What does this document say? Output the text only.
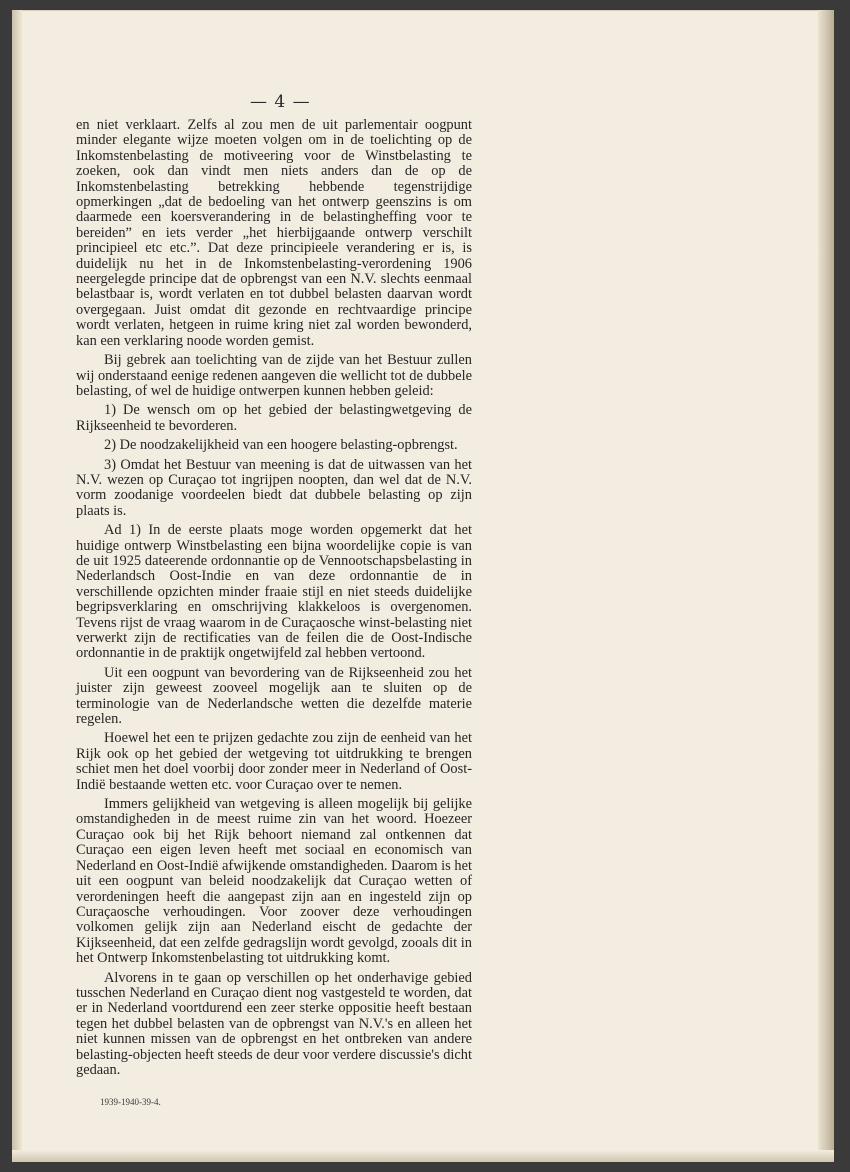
— 4 —

en niet verklaart. Zelfs al zou men de uit parlementair oogpunt minder elegante wijze moeten volgen om in de toelichting op de Inkomstenbelasting de motiveering voor de Winstbelasting te zoeken, ook dan vindt men niets anders dan de op de Inkomstenbelasting betrekking hebbende tegenstrijdige opmerkingen „dat de bedoeling van het ontwerp geenszins is om daarmede een koersverandering in de belastingheffing voor te bereiden” en iets verder „het hierbijgaande ontwerp verschilt principieel etc etc.”. Dat deze principieele verandering er is, is duidelijk nu het in de Inkomstenbelasting-verordening 1906 neergelegde principe dat de opbrengst van een N.V. slechts eenmaal belastbaar is, wordt verlaten en tot dubbel belasten daarvan wordt overgegaan. Juist omdat dit gezonde en rechtvaardige principe wordt verlaten, hetgeen in ruime kring niet zal worden bewonderd, kan een verklaring noode worden gemist.

Bij gebrek aan toelichting van de zijde van het Bestuur zullen wij onderstaand eenige redenen aangeven die wellicht tot de dubbele belasting, of wel de huidige ontwerpen kunnen hebben geleid:

1) De wensch om op het gebied der belastingwetgeving de Rijkseenheid te bevorderen.

2) De noodzakelijkheid van een hoogere belasting-opbrengst.

3) Omdat het Bestuur van meening is dat de uitwassen van het N.V. wezen op Curaçao tot ingrijpen noopten, dan wel dat de N.V. vorm zoodanige voordeelen biedt dat dubbele belasting op zijn plaats is.

Ad 1) In de eerste plaats moge worden opgemerkt dat het huidige ontwerp Winstbelasting een bijna woordelijke copie is van de uit 1925 dateerende ordonnantie op de Vennootschapsbelasting in Nederlandsch Oost-Indie en van deze ordonnantie de in verschillende opzichten minder fraaie stijl en niet steeds duidelijke begripsverklaring en omschrijving klakkeloos is overgenomen. Tevens rijst de vraag waarom in de Curaçaosche winst-belasting niet verwerkt zijn de rectificaties van de feilen die de Oost-Indische ordonnantie in de praktijk ongetwijfeld zal hebben vertoond.

Uit een oogpunt van bevordering van de Rijkseenheid zou het juister zijn geweest zooveel mogelijk aan te sluiten op de terminologie van de Nederlandsche wetten die dezelfde materie regelen.

Hoewel het een te prijzen gedachte zou zijn de eenheid van het Rijk ook op het gebied der wetgeving tot uitdrukking te brengen schiet men het doel voorbij door zonder meer in Nederland of Oost-Indië bestaande wetten etc. voor Curaçao over te nemen.

Immers gelijkheid van wetgeving is alleen mogelijk bij gelijke omstandigheden in de meest ruime zin van het woord. Hoezeer Curaçao ook bij het Rijk behoort niemand zal ontkennen dat Curaçao een eigen leven heeft met sociaal en economisch van Nederland en Oost-Indië afwijkende omstandigheden. Daarom is het uit een oogpunt van beleid noodzakelijk dat Curaçao wetten of verordeningen heeft die aangepast zijn aan en ingesteld zijn op Curaçaosche verhoudingen. Voor zoover deze verhoudingen volkomen gelijk zijn aan Nederland eischt de gedachte der Kijkseenheid, dat een zelfde gedragslijn wordt gevolgd, zooals dit in het Ontwerp Inkomstenbelasting tot uitdrukking komt.

Alvorens in te gaan op verschillen op het onderhavige gebied tusschen Nederland en Curaçao dient nog vastgesteld te worden, dat er in Nederland voortdurend een zeer sterke oppositie heeft bestaan tegen het dubbel belasten van de opbrengst van N.V.'s en alleen het niet kunnen missen van de opbrengst en het ontbreken van andere belasting-objecten heeft steeds de deur voor verdere discussie's dicht gedaan.

1939-1940-39-4.
